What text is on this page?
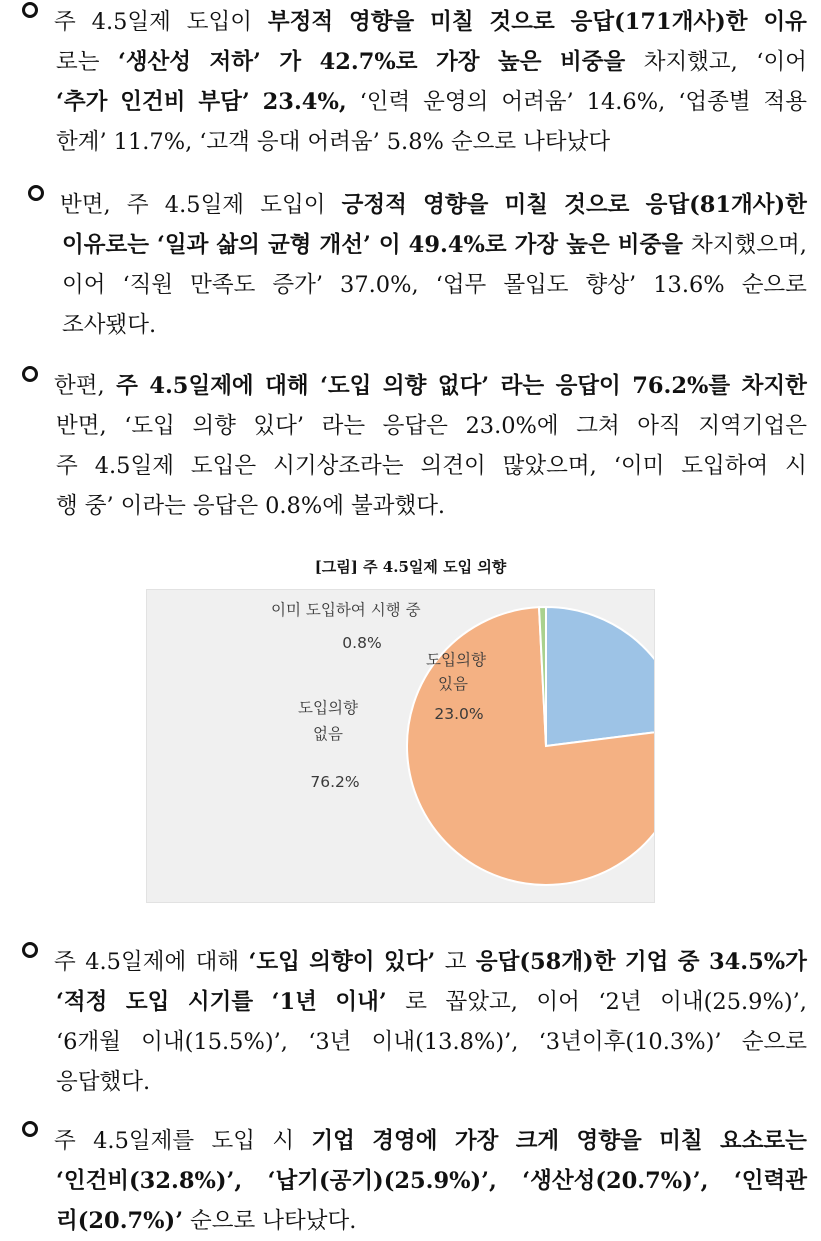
주 4.5일제 도입이 부정적 영향을 미칠 것으로 응답(171개사)한 이유
로는 ‘생산성 저하’ 가 42.7%로 가장 높은 비중을 차지했고, ‘이어
‘추가 인건비 부담’ 23.4%, ‘인력 운영의 어려움’ 14.6%, ‘업종별 적용
한계’ 11.7%, ‘고객 응대 어려움’ 5.8% 순으로 나타났다
반면, 주 4.5일제 도입이 긍정적 영향을 미칠 것으로 응답(81개사)한
이유로는 ‘일과 삶의 균형 개선’ 이 49.4%로 가장 높은 비중을 차지했으며,
이어 ‘직원 만족도 증가’ 37.0%, ‘업무 몰입도 향상’ 13.6% 순으로
조사됐다.
한편, 주 4.5일제에 대해 ‘도입 의향 없다’ 라는 응답이 76.2%를 차지한
반면, ‘도입 의향 있다’ 라는 응답은 23.0%에 그쳐 아직 지역기업은
주 4.5일제 도입은 시기상조라는 의견이 많았으며, ‘이미 도입하여 시
행 중’ 이라는 응답은 0.8%에 불과했다.
[그림] 주 4.5일제 도입 의향
도입의향
있음
23.0%
도입의향
없음
76.2%
이미 도입하여 시행 중
0.8%
주 4.5일제에 대해 ‘도입 의향이 있다’ 고 응답(58개)한 기업 중 34.5%가
‘적정 도입 시기를 ‘1년 이내’ 로 꼽았고, 이어 ‘2년 이내(25.9%)’,
‘6개월 이내(15.5%)’, ‘3년 이내(13.8%)’, ‘3년이후(10.3%)’ 순으로
응답했다.
주 4.5일제를 도입 시 기업 경영에 가장 크게 영향을 미칠 요소로는
‘인건비(32.8%)’, ‘납기(공기)(25.9%)’, ‘생산성(20.7%)’, ‘인력관
리(20.7%)’ 순으로 나타났다.
